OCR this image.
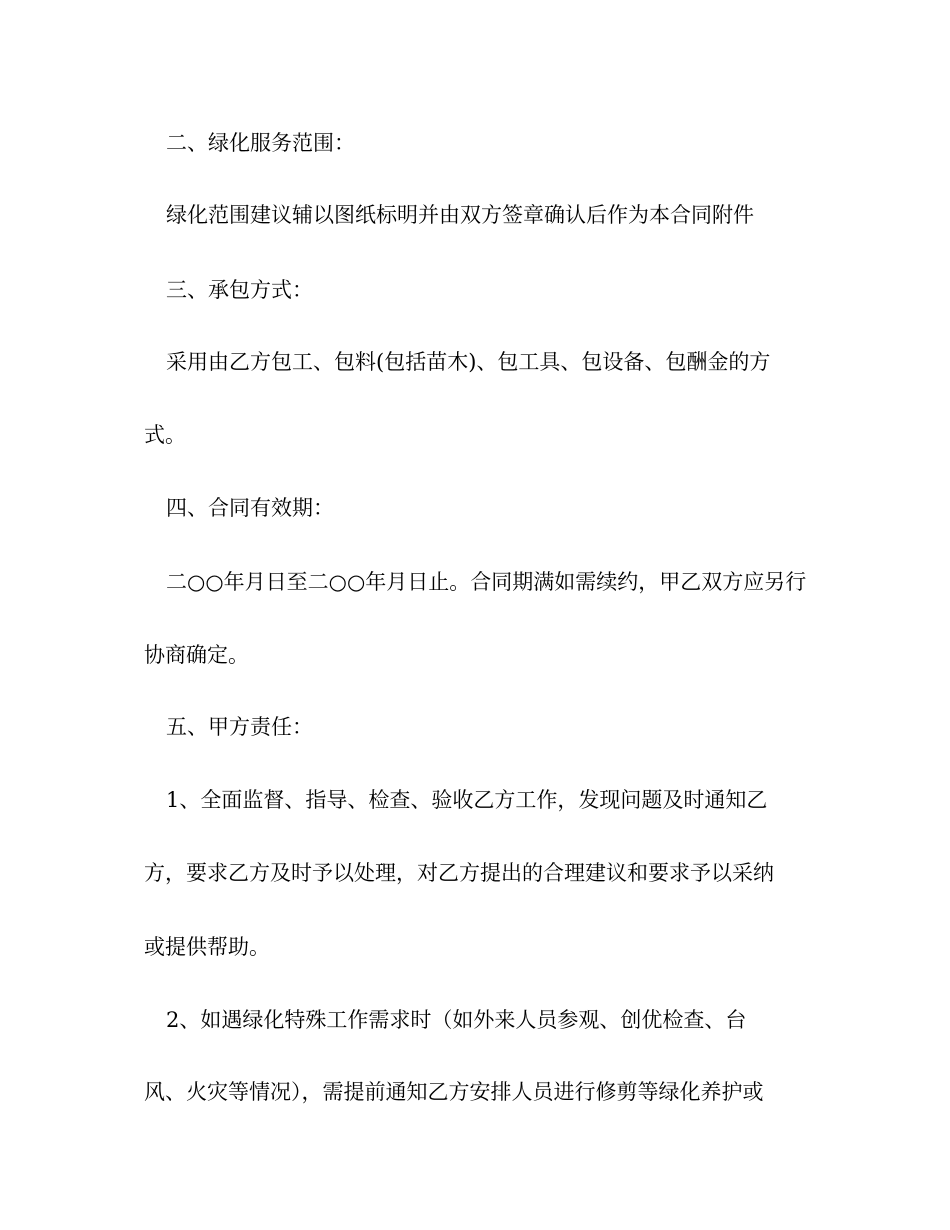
二、绿化服务范围：
绿化范围建议辅以图纸标明并由双方签章确认后作为本合同附件
三、承包方式：
采用由乙方包工、包料(包括苗木)、包工具、包设备、包酬金的方
式。
四、合同有效期：
二○○年月日至二○○年月日止。合同期满如需续约，甲乙双方应另行
协商确定。
五、甲方责任：
1、全面监督、指导、检查、验收乙方工作，发现问题及时通知乙
方，要求乙方及时予以处理，对乙方提出的合理建议和要求予以采纳
或提供帮助。
2、如遇绿化特殊工作需求时（如外来人员参观、创优检查、台
风、火灾等情况），需提前通知乙方安排人员进行修剪等绿化养护或
